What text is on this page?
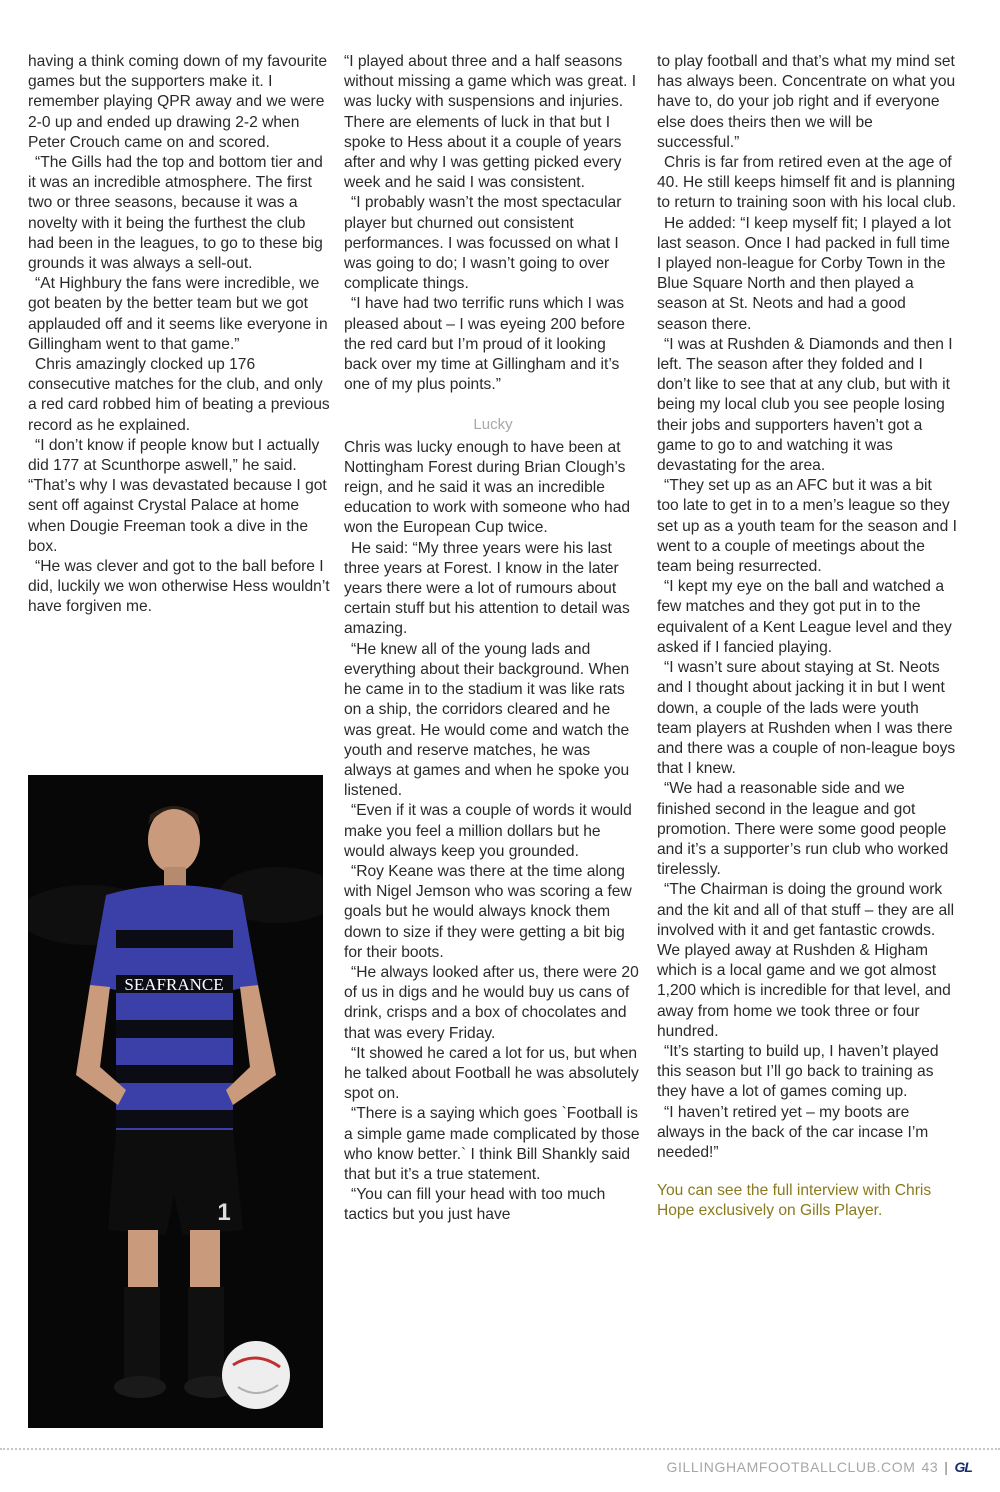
having a think coming down of my favourite games but the supporters make it. I remember playing QPR away and we were 2-0 up and ended up drawing 2-2 when Peter Crouch came on and scored.

“The Gills had the top and bottom tier and it was an incredible atmosphere. The first two or three seasons, because it was a novelty with it being the furthest the club had been in the leagues, to go to these big grounds it was always a sell-out.

“At Highbury the fans were incredible, we got beaten by the better team but we got applauded off and it seems like everyone in Gillingham went to that game.”

Chris amazingly clocked up 176 consecutive matches for the club, and only a red card robbed him of beating a previous record as he explained.

“I don’t know if people know but I actually did 177 at Scunthorpe aswell,” he said. “That’s why I was devastated because I got sent off against Crystal Palace at home when Dougie Freeman took a dive in the box.

“He was clever and got to the ball before I did, luckily we won otherwise Hess wouldn’t have forgiven me.

SEAFRANCE
1

“I played about three and a half seasons without missing a game which was great. I was lucky with suspensions and injuries. There are elements of luck in that but I spoke to Hess about it a couple of years after and why I was getting picked every week and he said I was consistent.

“I probably wasn’t the most spectacular player but churned out consistent performances. I was focussed on what I was going to do; I wasn’t going to over complicate things.

“I have had two terrific runs which I was pleased about – I was eyeing 200 before the red card but I’m proud of it looking back over my time at Gillingham and it’s one of my plus points.”

Lucky

Chris was lucky enough to have been at Nottingham Forest during Brian Clough’s reign, and he said it was an incredible education to work with someone who had won the European Cup twice.

He said: “My three years were his last three years at Forest. I know in the later years there were a lot of rumours about certain stuff but his attention to detail was amazing.

“He knew all of the young lads and everything about their background. When he came in to the stadium it was like rats on a ship, the corridors cleared and he was great. He would come and watch the youth and reserve matches, he was always at games and when he spoke you listened.

“Even if it was a couple of words it would make you feel a million dollars but he would always keep you grounded.

“Roy Keane was there at the time along with Nigel Jemson who was scoring a few goals but he would always knock them down to size if they were getting a bit big for their boots.

“He always looked after us, there were 20 of us in digs and he would buy us cans of drink, crisps and a box of chocolates and that was every Friday.

“It showed he cared a lot for us, but when he talked about Football he was absolutely spot on.

“There is a saying which goes `Football is a simple game made complicated by those who know better.` I think Bill Shankly said that but it’s a true statement.

“You can fill your head with too much tactics but you just have

to play football and that’s what my mind set has always been. Concentrate on what you have to, do your job right and if everyone else does theirs then we will be successful.”

Chris is far from retired even at the age of 40. He still keeps himself fit and is planning to return to training soon with his local club.

He added: “I keep myself fit; I played a lot last season. Once I had packed in full time I played non-league for Corby Town in the Blue Square North and then played a season at St. Neots and had a good season there.

“I was at Rushden & Diamonds and then I left. The season after they folded and I don’t like to see that at any club, but with it being my local club you see people losing their jobs and supporters haven’t got a game to go to and watching it was devastating for the area.

“They set up as an AFC but it was a bit too late to get in to a men’s league so they set up as a youth team for the season and I went to a couple of meetings about the team being resurrected.

“I kept my eye on the ball and watched a few matches and they got put in to the equivalent of a Kent League level and they asked if I fancied playing.

“I wasn’t sure about staying at St. Neots and I thought about jacking it in but I went down, a couple of the lads were youth team players at Rushden when I was there and there was a couple of non-league boys that I knew.

“We had a reasonable side and we finished second in the league and got promotion. There were some good people and it’s a supporter’s run club who worked tirelessly.

“The Chairman is doing the ground work and the kit and all of that stuff – they are all involved with it and get fantastic crowds. We played away at Rushden & Higham which is a local game and we got almost 1,200 which is incredible for that level, and away from home we took three or four hundred.

“It’s starting to build up, I haven’t played this season but I’ll go back to training as they have a lot of games coming up.

“I haven’t retired yet – my boots are always in the back of the car incase I’m needed!”

You can see the full interview with Chris Hope exclusively on Gills Player.

GILLINGHAMFOOTBALLCLUB.COM 43 | GL
